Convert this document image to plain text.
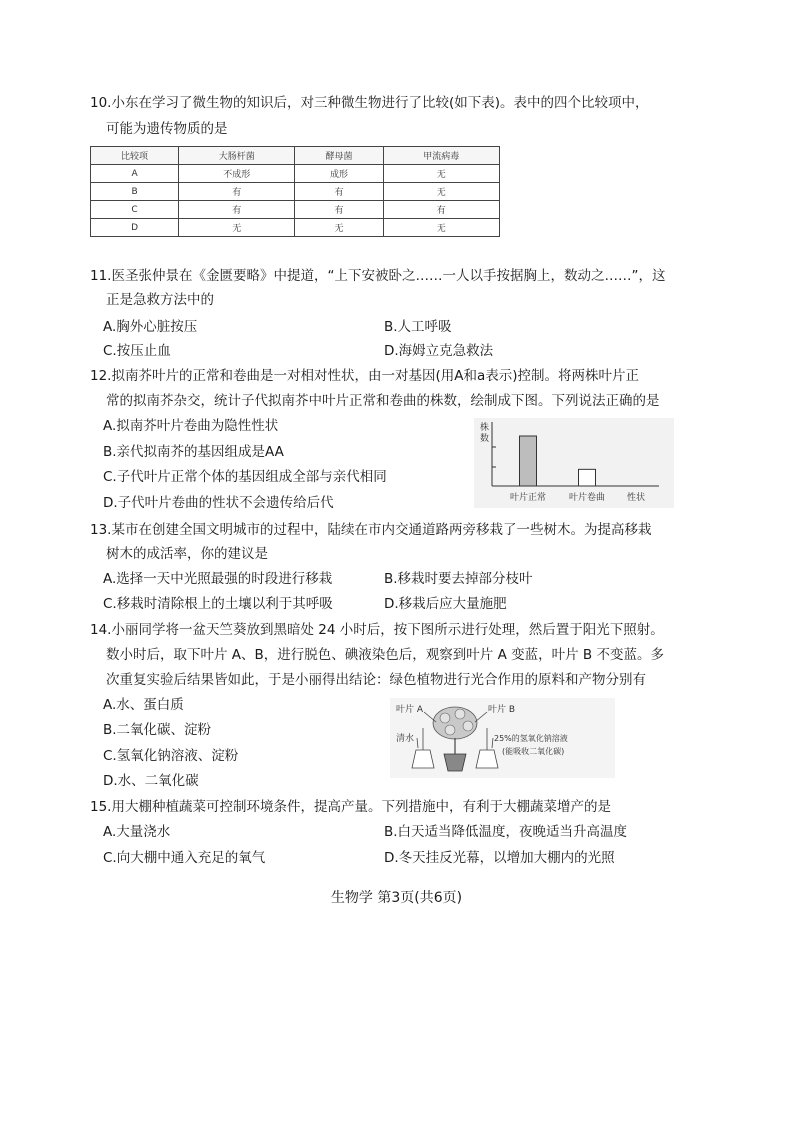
10.小东在学习了微生物的知识后，对三种微生物进行了比较(如下表)。表中的四个比较项中，
可能为遗传物质的是
比较项	大肠杆菌	酵母菌	甲流病毒
A	不成形	成形	无
B	有	有	无
C	有	有	有
D	无	无	无
11.医圣张仲景在《金匮要略》中提道，“上下安被卧之……一人以手按据胸上，数动之……”，这
正是急救方法中的
A.胸外心脏按压	B.人工呼吸
C.按压止血	D.海姆立克急救法
12.拟南芥叶片的正常和卷曲是一对相对性状，由一对基因(用A和a表示)控制。将两株叶片正
常的拟南芥杂交，统计子代拟南芥中叶片正常和卷曲的株数，绘制成下图。下列说法正确的是
A.拟南芥叶片卷曲为隐性性状
B.亲代拟南芥的基因组成是AA
C.子代叶片正常个体的基因组成全部与亲代相同
D.子代叶片卷曲的性状不会遗传给后代
株
数
叶片正常	叶片卷曲 性状
13.某市在创建全国文明城市的过程中，陆续在市内交通道路两旁移栽了一些树木。为提高移栽
树木的成活率，你的建议是
A.选择一天中光照最强的时段进行移栽	B.移栽时要去掉部分枝叶
C.移栽时清除根上的土壤以利于其呼吸	D.移栽后应大量施肥
14.小丽同学将一盆天竺葵放到黑暗处 24 小时后，按下图所示进行处理，然后置于阳光下照射。
数小时后，取下叶片 A、B，进行脱色、碘液染色后，观察到叶片 A 变蓝，叶片 B 不变蓝。多
次重复实验后结果皆如此，于是小丽得出结论：绿色植物进行光合作用的原料和产物分别有
A.水、蛋白质
B.二氧化碳、淀粉
C.氢氧化钠溶液、淀粉
D.水、二氧化碳
叶片 A	叶片 B
清水	25%的氢氧化钠溶液
(能吸收二氧化碳)
15.用大棚种植蔬菜可控制环境条件，提高产量。下列措施中，有利于大棚蔬菜增产的是
A.大量浇水	B.白天适当降低温度，夜晚适当升高温度
C.向大棚中通入充足的氧气	D.冬天挂反光幕，以增加大棚内的光照
生物学 第3页(共6页)
